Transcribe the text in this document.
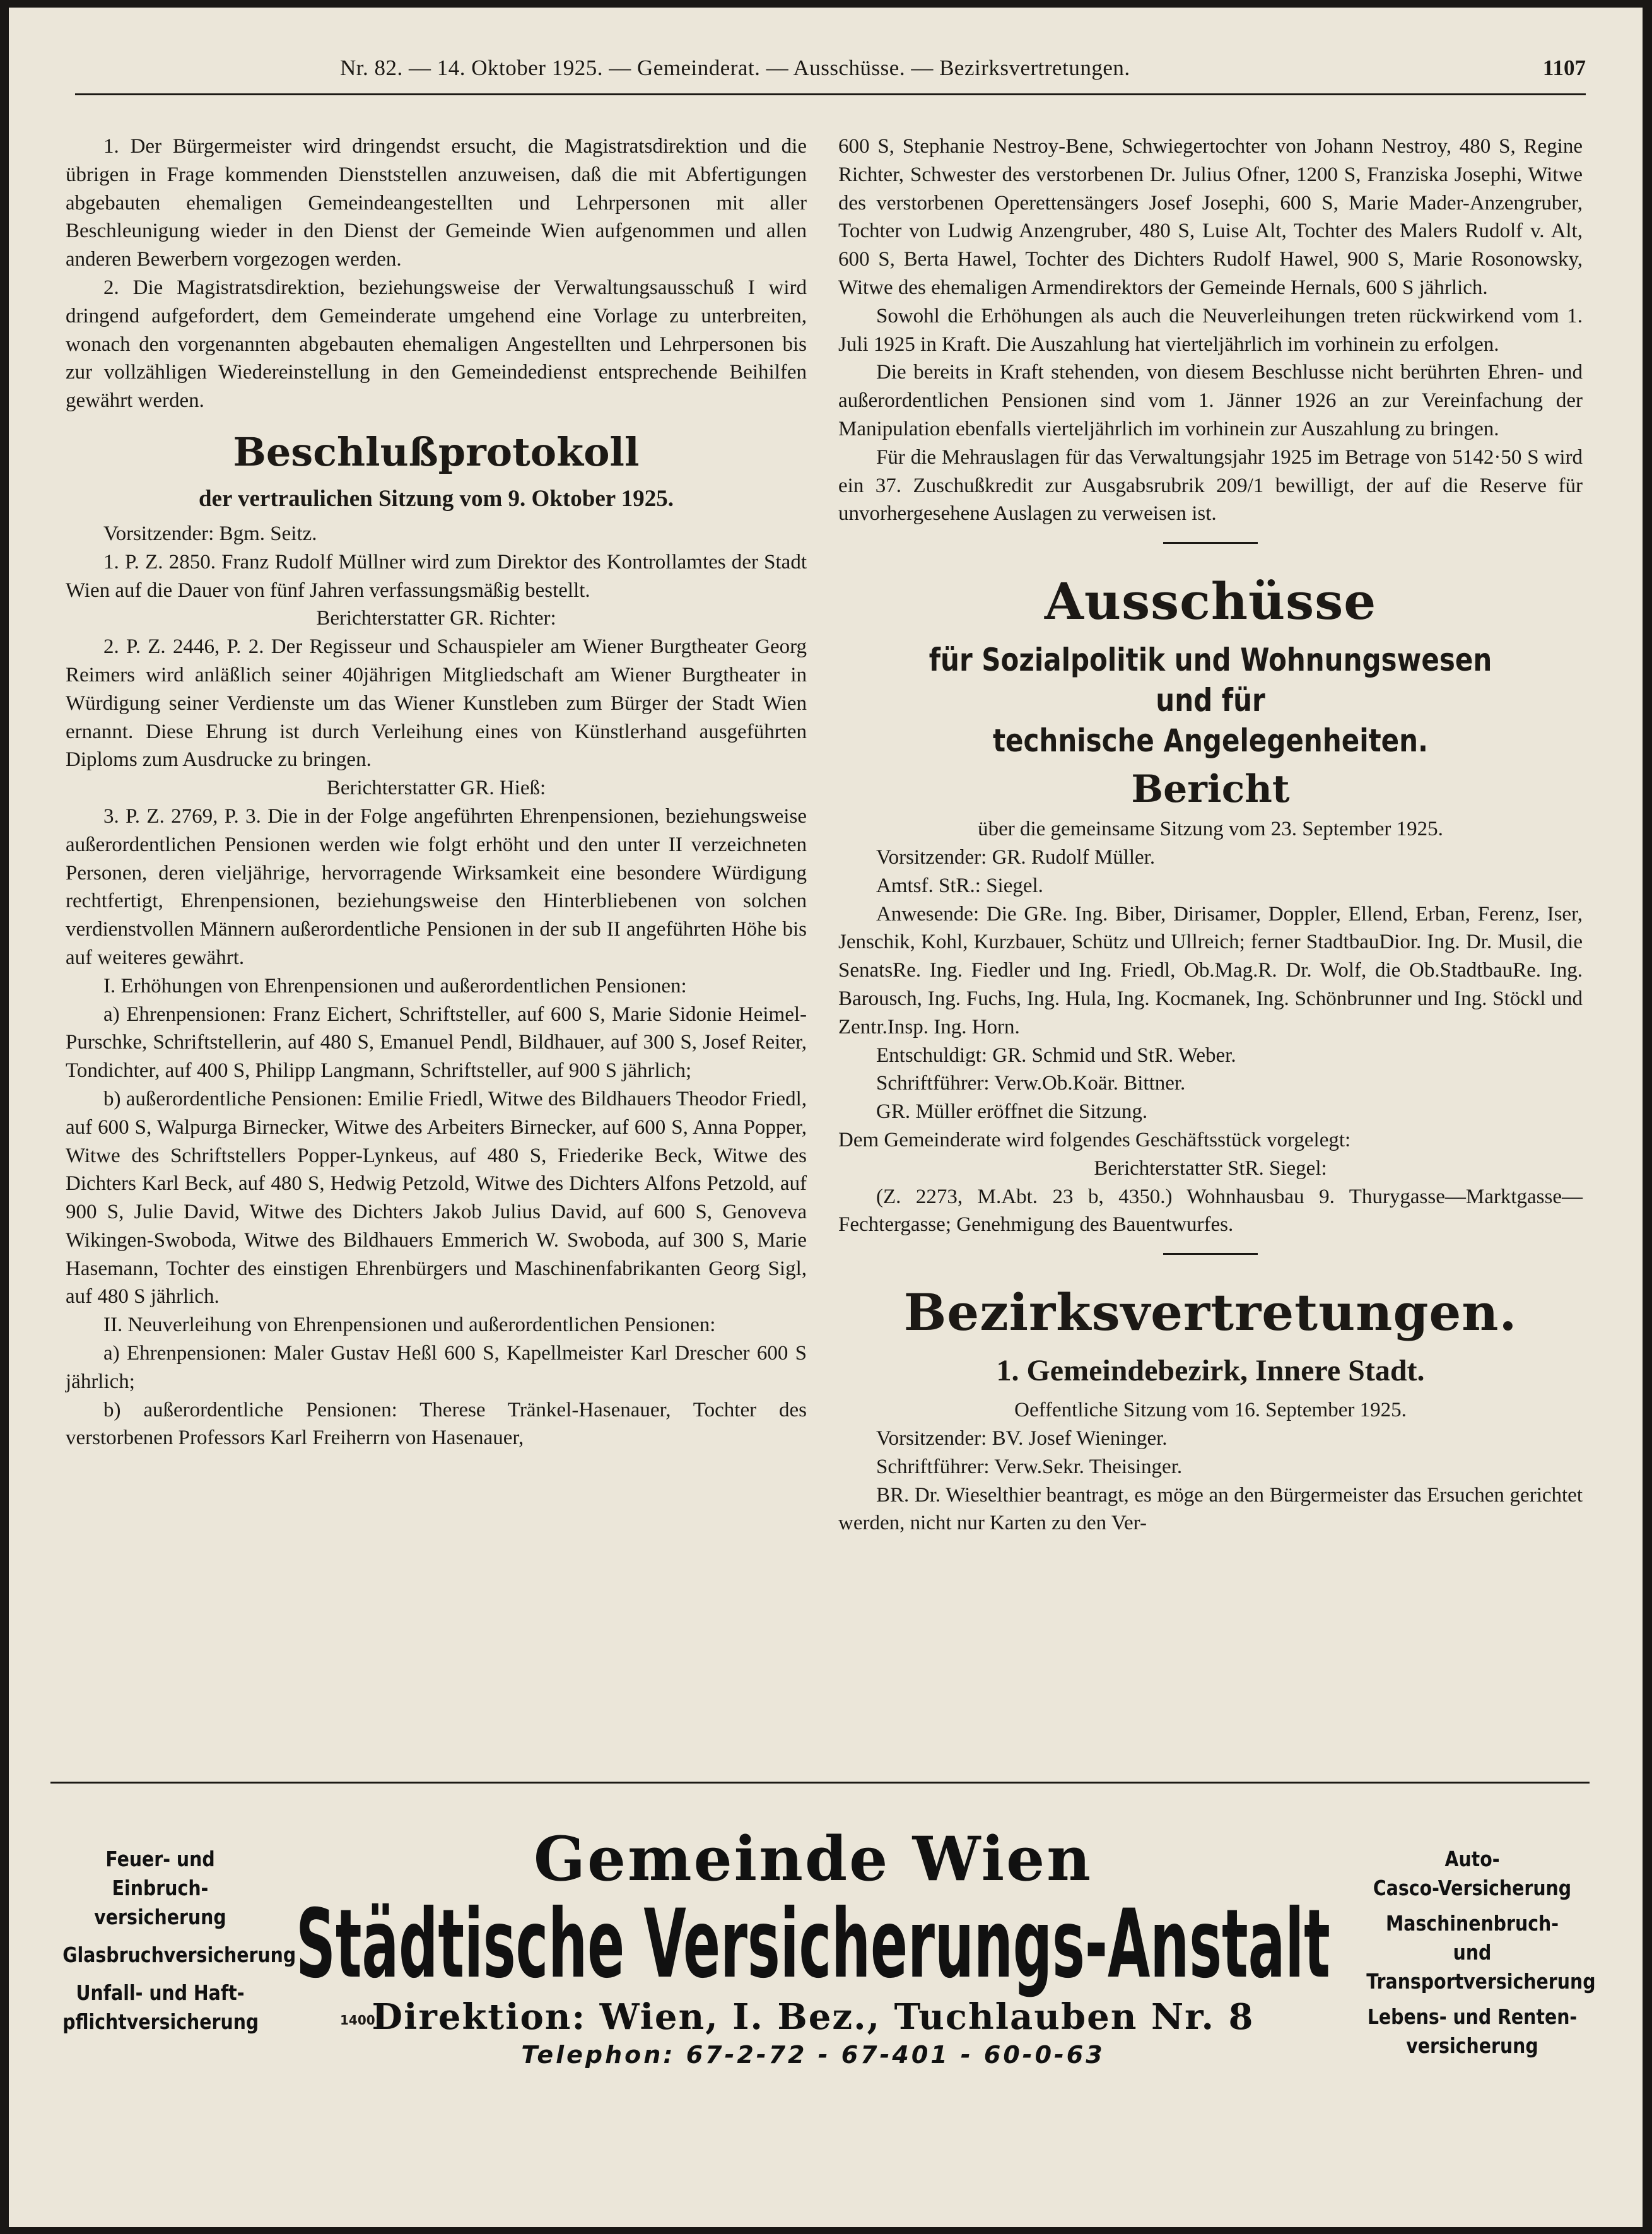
Nr. 82. — 14. Oktober 1925. — Gemeinderat. — Ausschüsse. — Bezirksvertretungen.	1107

1. Der Bürgermeister wird dringendst ersucht, die Magistratsdirektion und die übrigen in Frage kommenden Dienststellen anzuweisen, daß die mit Abfertigungen abgebauten ehemaligen Gemeindeangestellten und Lehrpersonen mit aller Beschleunigung wieder in den Dienst der Gemeinde Wien aufgenommen und allen anderen Bewerbern vorgezogen werden.

2. Die Magistratsdirektion, beziehungsweise der Verwaltungsausschuß I wird dringend aufgefordert, dem Gemeinderate umgehend eine Vorlage zu unterbreiten, wonach den vorgenannten abgebauten ehemaligen Angestellten und Lehrpersonen bis zur vollzähligen Wiedereinstellung in den Gemeindedienst entsprechende Beihilfen gewährt werden.

Beschlußprotokoll
der vertraulichen Sitzung vom 9. Oktober 1925.

Vorsitzender: Bgm. Seitz.

1. P. Z. 2850. Franz Rudolf Müllner wird zum Direktor des Kontrollamtes der Stadt Wien auf die Dauer von fünf Jahren verfassungsmäßig bestellt.

Berichterstatter GR. Richter:

2. P. Z. 2446, P. 2. Der Regisseur und Schauspieler am Wiener Burgtheater Georg Reimers wird anläßlich seiner 40jährigen Mitgliedschaft am Wiener Burgtheater in Würdigung seiner Verdienste um das Wiener Kunstleben zum Bürger der Stadt Wien ernannt. Diese Ehrung ist durch Verleihung eines von Künstlerhand ausgeführten Diploms zum Ausdrucke zu bringen.

Berichterstatter GR. Hieß:

3. P. Z. 2769, P. 3. Die in der Folge angeführten Ehrenpensionen, beziehungsweise außerordentlichen Pensionen werden wie folgt erhöht und den unter II verzeichneten Personen, deren vieljährige, hervorragende Wirksamkeit eine besondere Würdigung rechtfertigt, Ehrenpensionen, beziehungsweise den Hinterbliebenen von solchen verdienstvollen Männern außerordentliche Pensionen in der sub II angeführten Höhe bis auf weiteres gewährt.

I. Erhöhungen von Ehrenpensionen und außerordentlichen Pensionen:

a) Ehrenpensionen: Franz Eichert, Schriftsteller, auf 600 S, Marie Sidonie Heimel-Purschke, Schriftstellerin, auf 480 S, Emanuel Pendl, Bildhauer, auf 300 S, Josef Reiter, Tondichter, auf 400 S, Philipp Langmann, Schriftsteller, auf 900 S jährlich;

b) außerordentliche Pensionen: Emilie Friedl, Witwe des Bildhauers Theodor Friedl, auf 600 S, Walpurga Birnecker, Witwe des Arbeiters Birnecker, auf 600 S, Anna Popper, Witwe des Schriftstellers Popper-Lynkeus, auf 480 S, Friederike Beck, Witwe des Dichters Karl Beck, auf 480 S, Hedwig Petzold, Witwe des Dichters Alfons Petzold, auf 900 S, Julie David, Witwe des Dichters Jakob Julius David, auf 600 S, Genoveva Wikingen-Swoboda, Witwe des Bildhauers Emmerich W. Swoboda, auf 300 S, Marie Hasemann, Tochter des einstigen Ehrenbürgers und Maschinenfabrikanten Georg Sigl, auf 480 S jährlich.

II. Neuverleihung von Ehrenpensionen und außerordentlichen Pensionen:

a) Ehrenpensionen: Maler Gustav Heßl 600 S, Kapellmeister Karl Drescher 600 S jährlich;

b) außerordentliche Pensionen: Therese Tränkel-Hasenauer, Tochter des verstorbenen Professors Karl Freiherrn von Hasenauer,

600 S, Stephanie Nestroy-Bene, Schwiegertochter von Johann Nestroy, 480 S, Regine Richter, Schwester des verstorbenen Dr. Julius Ofner, 1200 S, Franziska Josephi, Witwe des verstorbenen Operettensängers Josef Josephi, 600 S, Marie Mader-Anzengruber, Tochter von Ludwig Anzengruber, 480 S, Luise Alt, Tochter des Malers Rudolf v. Alt, 600 S, Berta Hawel, Tochter des Dichters Rudolf Hawel, 900 S, Marie Rosonowsky, Witwe des ehemaligen Armendirektors der Gemeinde Hernals, 600 S jährlich.

Sowohl die Erhöhungen als auch die Neuverleihungen treten rückwirkend vom 1. Juli 1925 in Kraft. Die Auszahlung hat vierteljährlich im vorhinein zu erfolgen.

Die bereits in Kraft stehenden, von diesem Beschlusse nicht berührten Ehren- und außerordentlichen Pensionen sind vom 1. Jänner 1926 an zur Vereinfachung der Manipulation ebenfalls vierteljährlich im vorhinein zur Auszahlung zu bringen.

Für die Mehrauslagen für das Verwaltungsjahr 1925 im Betrage von 5142·50 S wird ein 37. Zuschußkredit zur Ausgabsrubrik 209/1 bewilligt, der auf die Reserve für unvorhergesehene Auslagen zu verweisen ist.

Ausschüsse
für Sozialpolitik und Wohnungswesen und für
technische Angelegenheiten.
Bericht

über die gemeinsame Sitzung vom 23. September 1925.

Vorsitzender: GR. Rudolf Müller.

Amtsf. StR.: Siegel.

Anwesende: Die GRe. Ing. Biber, Dirisamer, Doppler, Ellend, Erban, Ferenz, Iser, Jenschik, Kohl, Kurzbauer, Schütz und Ullreich; ferner StadtbauDior. Ing. Dr. Musil, die SenatsRe. Ing. Fiedler und Ing. Friedl, Ob.Mag.R. Dr. Wolf, die Ob.StadtbauRe. Ing. Barousch, Ing. Fuchs, Ing. Hula, Ing. Kocmanek, Ing. Schönbrunner und Ing. Stöckl und Zentr.Insp. Ing. Horn.

Entschuldigt: GR. Schmid und StR. Weber.

Schriftführer: Verw.Ob.Koär. Bittner.

GR. Müller eröffnet die Sitzung.

Dem Gemeinderate wird folgendes Geschäftsstück vorgelegt:

Berichterstatter StR. Siegel:

(Z. 2273, M.Abt. 23 b, 4350.) Wohnhausbau 9. Thurygasse—Marktgasse—Fechtergasse; Genehmigung des Bauentwurfes.

Bezirksvertretungen.
1. Gemeindebezirk, Innere Stadt.

Oeffentliche Sitzung vom 16. September 1925.

Vorsitzender: BV. Josef Wieninger.

Schriftführer: Verw.Sekr. Theisinger.

BR. Dr. Wieselthier beantragt, es möge an den Bürgermeister das Ersuchen gerichtet werden, nicht nur Karten zu den Ver-

Feuer- und Einbruch-
versicherung
Glasbruchversicherung
Unfall- und Haft-
pflichtversicherung
Gemeinde Wien
Städtische Versicherungs-Anstalt
Direktion: Wien, I. Bez., Tuchlauben Nr. 8
Telephon: 67-2-72 - 67-401 - 60-0-63
1400
Auto-
Casco-Versicherung
Maschinenbruch- und
Transportversicherung
Lebens- und Renten-
versicherung
